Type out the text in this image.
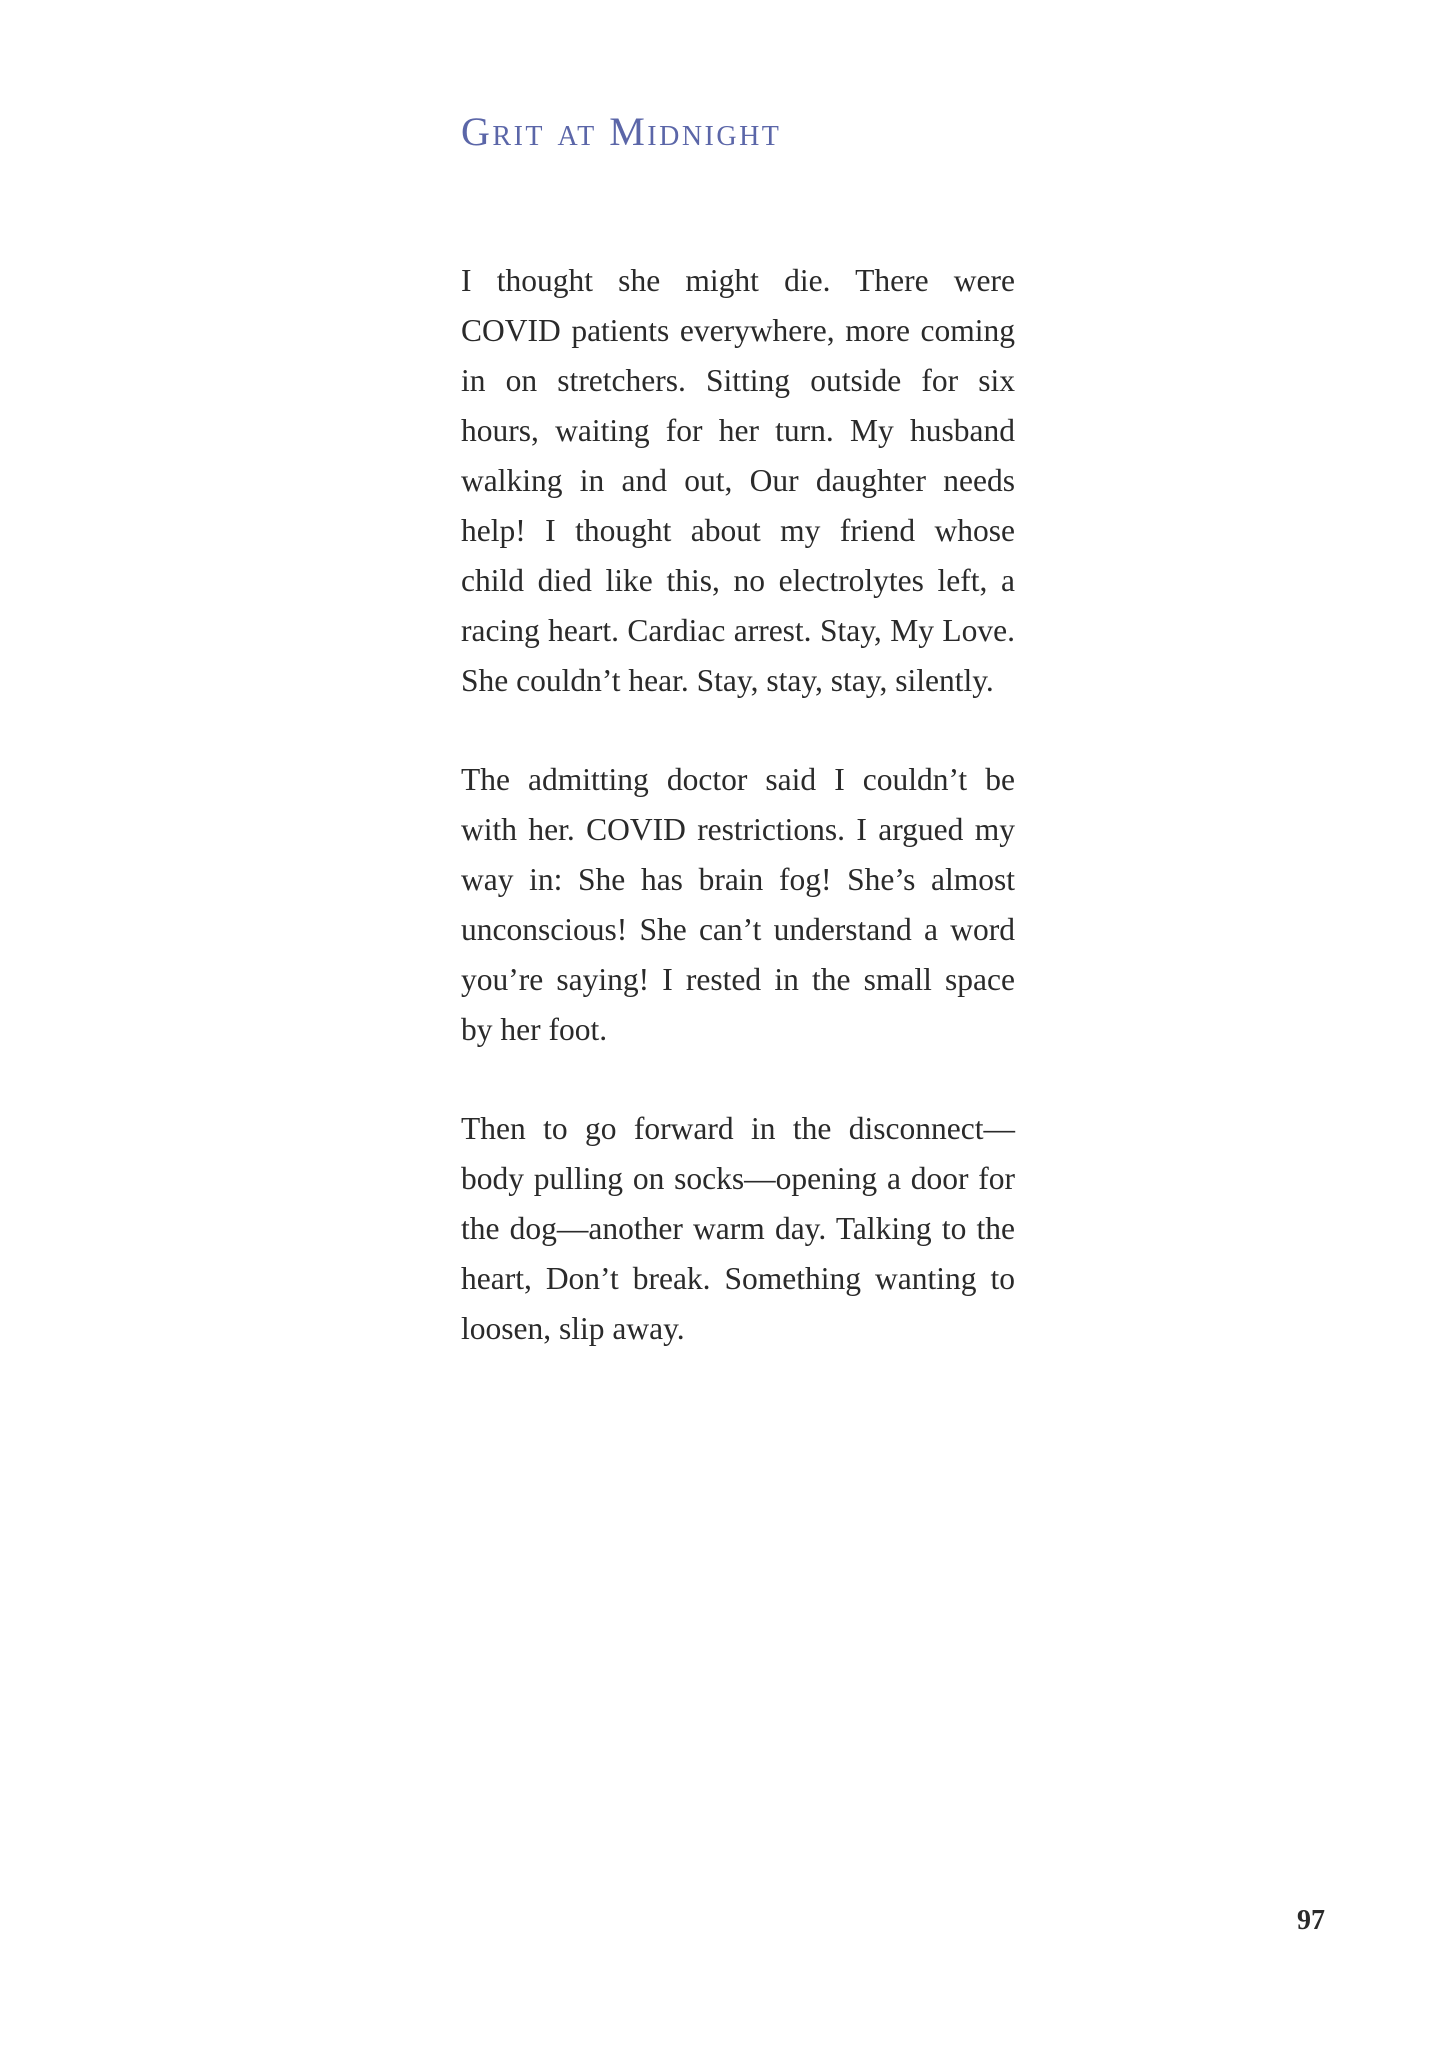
Grit at Midnight

I thought she might die. There were COVID patients everywhere, more coming in on stretchers. Sitting outside for six hours, waiting for her turn. My husband walking in and out, Our daughter needs help! I thought about my friend whose child died like this, no electrolytes left, a racing heart. Cardiac arrest. Stay, My Love. She couldn’t hear. Stay, stay, stay, silently.

The admitting doctor said I couldn’t be with her. COVID restrictions. I argued my way in: She has brain fog! She’s almost unconscious! She can’t understand a word you’re saying! I rested in the small space by her foot.

Then to go forward in the disconnect—body pulling on socks—opening a door for the dog—another warm day. Talking to the heart, Don’t break. Something wanting to loosen, slip away.

97
